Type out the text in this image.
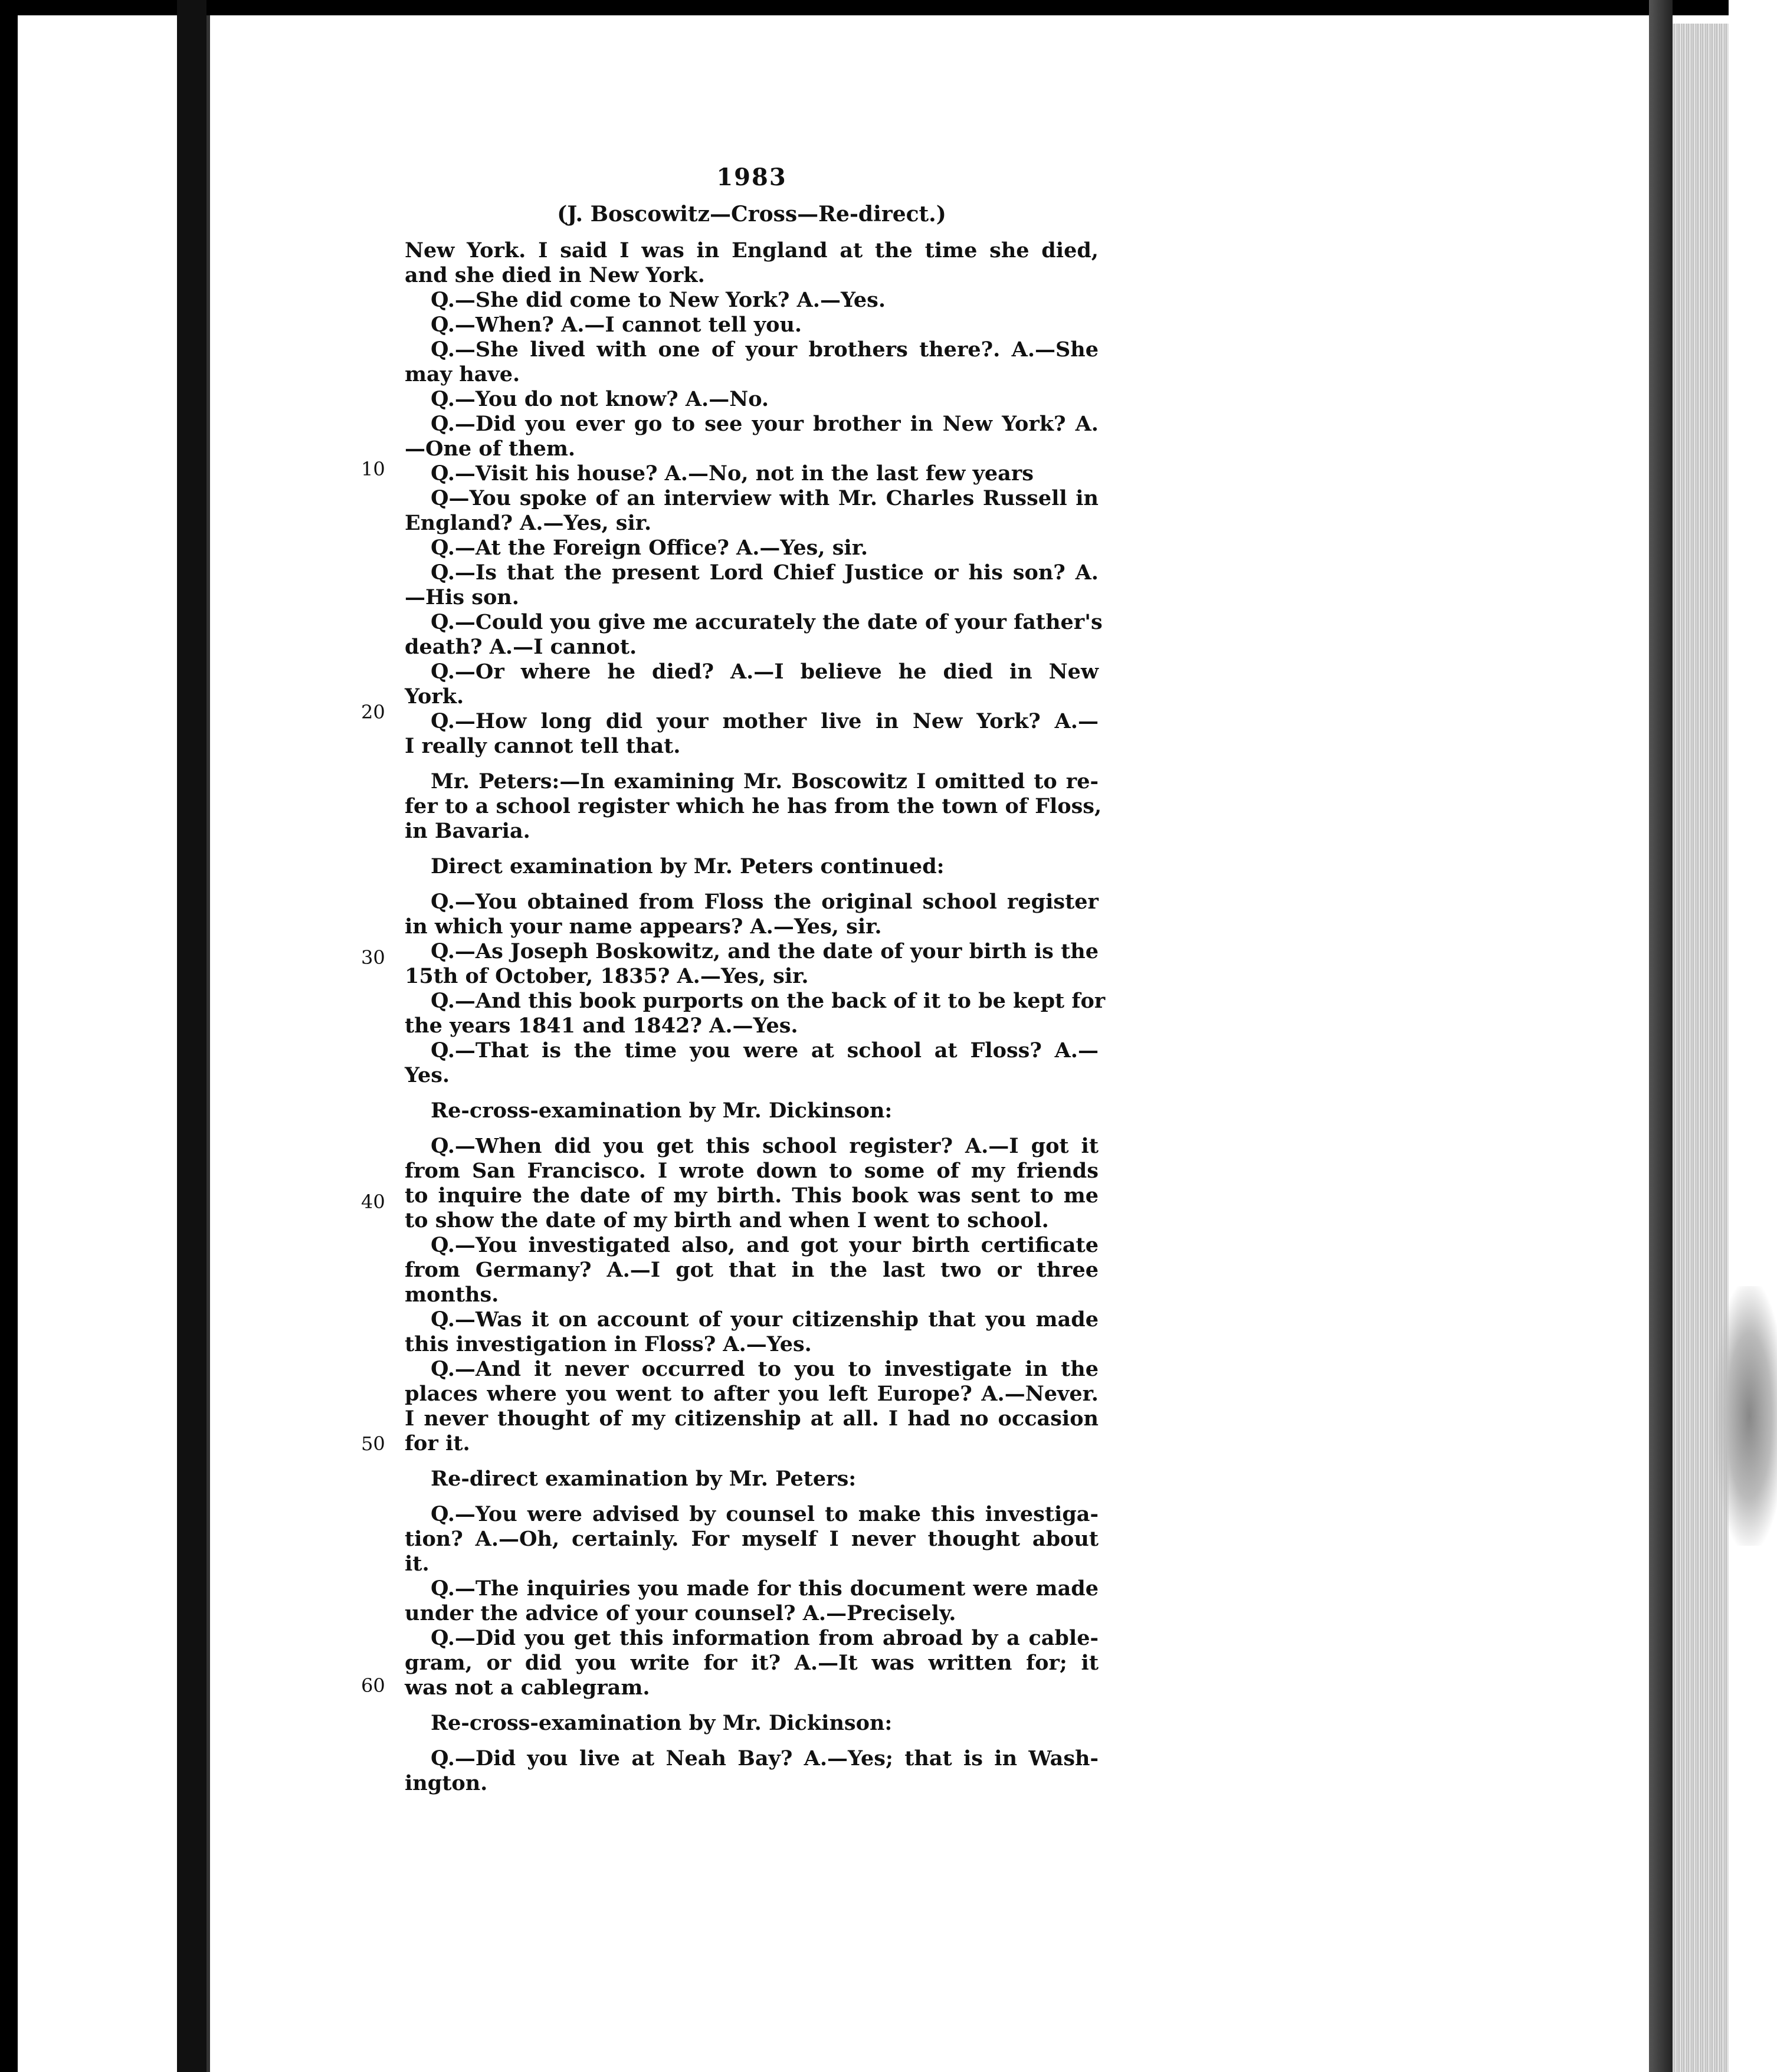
1983
(J. Boscowitz—Cross—Re-direct.)

New York. I said I was in England at the time she died,

and she died in New York.

Q.—She did come to New York? A.—Yes.

Q.—When? A.—I cannot tell you.

Q.—She lived with one of your brothers there?. A.—She

may have.

Q.—You do not know? A.—No.

Q.—Did you ever go to see your brother in New York? A.

—One of them.

Q.—Visit his house? A.—No, not in the last few years

Q—You spoke of an interview with Mr. Charles Russell in

England? A.—Yes, sir.

Q.—At the Foreign Office? A.—Yes, sir.

Q.—Is that the present Lord Chief Justice or his son? A.

—His son.

Q.—Could you give me accurately the date of your father's

death? A.—I cannot.

Q.—Or where he died? A.—I believe he died in New

York.

Q.—How long did your mother live in New York? A.—

I really cannot tell that.

Mr. Peters:—In examining Mr. Boscowitz I omitted to re-

fer to a school register which he has from the town of Floss,

in Bavaria.

Direct examination by Mr. Peters continued:

Q.—You obtained from Floss the original school register

in which your name appears? A.—Yes, sir.

Q.—As Joseph Boskowitz, and the date of your birth is the

15th of October, 1835? A.—Yes, sir.

Q.—And this book purports on the back of it to be kept for

the years 1841 and 1842? A.—Yes.

Q.—That is the time you were at school at Floss? A.—

Yes.

Re-cross-examination by Mr. Dickinson:

Q.—When did you get this school register? A.—I got it

from San Francisco. I wrote down to some of my friends

to inquire the date of my birth. This book was sent to me

to show the date of my birth and when I went to school.

Q.—You investigated also, and got your birth certificate

from Germany? A.—I got that in the last two or three

months.

Q.—Was it on account of your citizenship that you made

this investigation in Floss? A.—Yes.

Q.—And it never occurred to you to investigate in the

places where you went to after you left Europe? A.—Never.

I never thought of my citizenship at all. I had no occasion

for it.

Re-direct examination by Mr. Peters:

Q.—You were advised by counsel to make this investiga-

tion? A.—Oh, certainly. For myself I never thought about

it.

Q.—The inquiries you made for this document were made

under the advice of your counsel? A.—Precisely.

Q.—Did you get this information from abroad by a cable-

gram, or did you write for it? A.—It was written for; it

was not a cablegram.

Re-cross-examination by Mr. Dickinson:

Q.—Did you live at Neah Bay? A.—Yes; that is in Wash-

ington.

10
20
30
40
50
60
